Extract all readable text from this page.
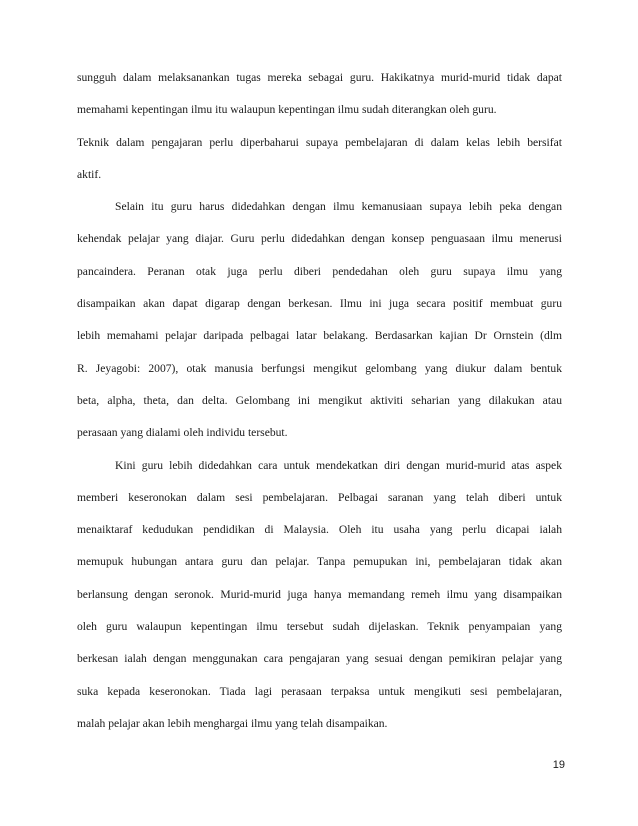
sungguh dalam melaksanankan tugas mereka sebagai guru. Hakikatnya murid-murid tidak dapat
memahami kepentingan ilmu itu walaupun kepentingan ilmu sudah diterangkan oleh guru.
Teknik dalam pengajaran perlu diperbaharui supaya pembelajaran di dalam kelas lebih bersifat
aktif.
Selain itu guru harus didedahkan dengan ilmu kemanusiaan supaya lebih peka dengan
kehendak pelajar yang diajar. Guru perlu didedahkan dengan konsep penguasaan ilmu menerusi
pancaindera. Peranan otak juga perlu diberi pendedahan oleh guru supaya ilmu yang
disampaikan akan dapat digarap dengan berkesan. Ilmu ini juga secara positif membuat guru
lebih memahami pelajar daripada pelbagai latar belakang. Berdasarkan kajian Dr Ornstein (dlm
R. Jeyagobi: 2007), otak manusia berfungsi mengikut gelombang yang diukur dalam bentuk
beta, alpha, theta, dan delta. Gelombang ini mengikut aktiviti seharian yang dilakukan atau
perasaan yang dialami oleh individu tersebut.
Kini guru lebih didedahkan cara untuk mendekatkan diri dengan murid-murid atas aspek
memberi keseronokan dalam sesi pembelajaran. Pelbagai saranan yang telah diberi untuk
menaiktaraf kedudukan pendidikan di Malaysia. Oleh itu usaha yang perlu dicapai ialah
memupuk hubungan antara guru dan pelajar. Tanpa pemupukan ini, pembelajaran tidak akan
berlansung dengan seronok. Murid-murid juga hanya memandang remeh ilmu yang disampaikan
oleh guru walaupun kepentingan ilmu tersebut sudah dijelaskan. Teknik penyampaian yang
berkesan ialah dengan menggunakan cara pengajaran yang sesuai dengan pemikiran pelajar yang
suka kepada keseronokan. Tiada lagi perasaan terpaksa untuk mengikuti sesi pembelajaran,
malah pelajar akan lebih menghargai ilmu yang telah disampaikan.
19
